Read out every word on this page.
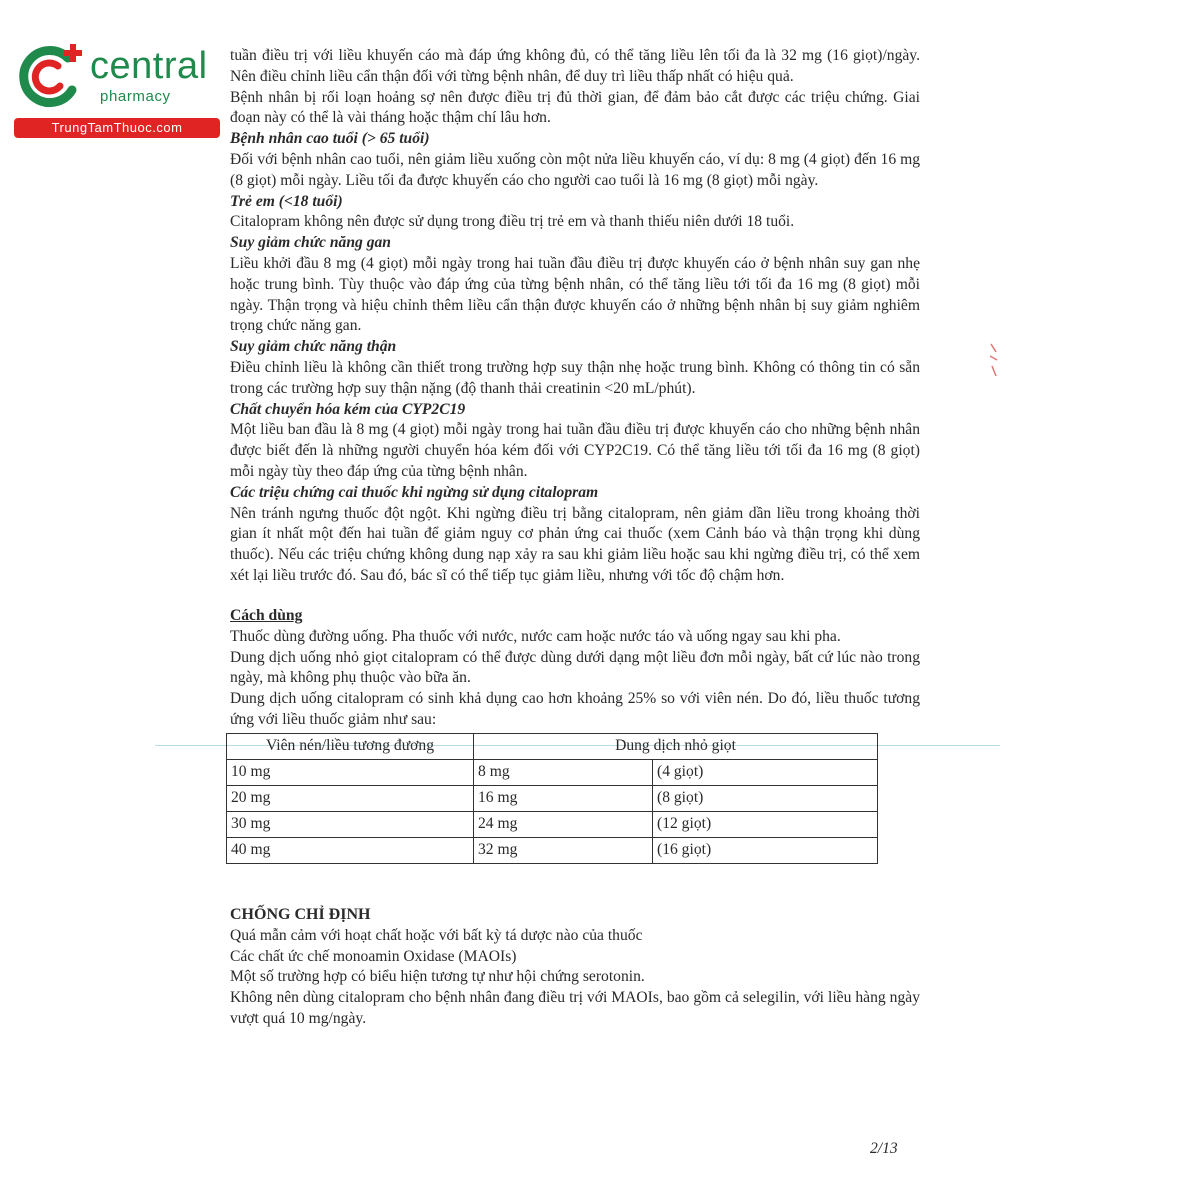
central
pharmacy
TrungTamThuoc.com

tuần điều trị với liều khuyến cáo mà đáp ứng không đủ, có thể tăng liều lên tối đa là 32 mg (16 giọt)/ngày. Nên điều chỉnh liều cẩn thận đối với từng bệnh nhân, để duy trì liều thấp nhất có hiệu quả.

Bệnh nhân bị rối loạn hoảng sợ nên được điều trị đủ thời gian, để đảm bảo cắt được các triệu chứng. Giai đoạn này có thể là vài tháng hoặc thậm chí lâu hơn.

Bệnh nhân cao tuổi (> 65 tuổi)

Đối với bệnh nhân cao tuổi, nên giảm liều xuống còn một nửa liều khuyến cáo, ví dụ: 8 mg (4 giọt) đến 16 mg (8 giọt) mỗi ngày. Liều tối đa được khuyến cáo cho người cao tuổi là 16 mg (8 giọt) mỗi ngày.

Trẻ em (<18 tuổi)

Citalopram không nên được sử dụng trong điều trị trẻ em và thanh thiếu niên dưới 18 tuổi.

Suy giảm chức năng gan

Liều khởi đầu 8 mg (4 giọt) mỗi ngày trong hai tuần đầu điều trị được khuyến cáo ở bệnh nhân suy gan nhẹ hoặc trung bình. Tùy thuộc vào đáp ứng của từng bệnh nhân, có thể tăng liều tới tối đa 16 mg (8 giọt) mỗi ngày. Thận trọng và hiệu chỉnh thêm liều cẩn thận được khuyến cáo ở những bệnh nhân bị suy giảm nghiêm trọng chức năng gan.

Suy giảm chức năng thận

Điều chỉnh liều là không cần thiết trong trường hợp suy thận nhẹ hoặc trung bình. Không có thông tin có sẵn trong các trường hợp suy thận nặng (độ thanh thải creatinin <20 mL/phút).

Chất chuyển hóa kém của CYP2C19

Một liều ban đầu là 8 mg (4 giọt) mỗi ngày trong hai tuần đầu điều trị được khuyến cáo cho những bệnh nhân được biết đến là những người chuyển hóa kém đối với CYP2C19. Có thể tăng liều tới tối đa 16 mg (8 giọt) mỗi ngày tùy theo đáp ứng của từng bệnh nhân.

Các triệu chứng cai thuốc khi ngừng sử dụng citalopram

Nên tránh ngưng thuốc đột ngột. Khi ngừng điều trị bằng citalopram, nên giảm dần liều trong khoảng thời gian ít nhất một đến hai tuần để giảm nguy cơ phản ứng cai thuốc (xem Cảnh báo và thận trọng khi dùng thuốc). Nếu các triệu chứng không dung nạp xảy ra sau khi giảm liều hoặc sau khi ngừng điều trị, có thể xem xét lại liều trước đó. Sau đó, bác sĩ có thể tiếp tục giảm liều, nhưng với tốc độ chậm hơn.

Cách dùng

Thuốc dùng đường uống. Pha thuốc với nước, nước cam hoặc nước táo và uống ngay sau khi pha.

Dung dịch uống nhỏ giọt citalopram có thể được dùng dưới dạng một liều đơn mỗi ngày, bất cứ lúc nào trong ngày, mà không phụ thuộc vào bữa ăn.

Dung dịch uống citalopram có sinh khả dụng cao hơn khoảng 25% so với viên nén. Do đó, liều thuốc tương ứng với liều thuốc giảm như sau:

Viên nén/liều tương đương	Dung dịch nhỏ giọt	
10 mg	8 mg	(4 giọt)
20 mg	16 mg	(8 giọt)
30 mg	24 mg	(12 giọt)
40 mg	32 mg	(16 giọt)

CHỐNG CHỈ ĐỊNH

Quá mẫn cảm với hoạt chất hoặc với bất kỳ tá dược nào của thuốc

Các chất ức chế monoamin Oxidase (MAOIs)

Một số trường hợp có biểu hiện tương tự như hội chứng serotonin.

Không nên dùng citalopram cho bệnh nhân đang điều trị với MAOIs, bao gồm cả selegilin, với liều hàng ngày vượt quá 10 mg/ngày.

2/13
